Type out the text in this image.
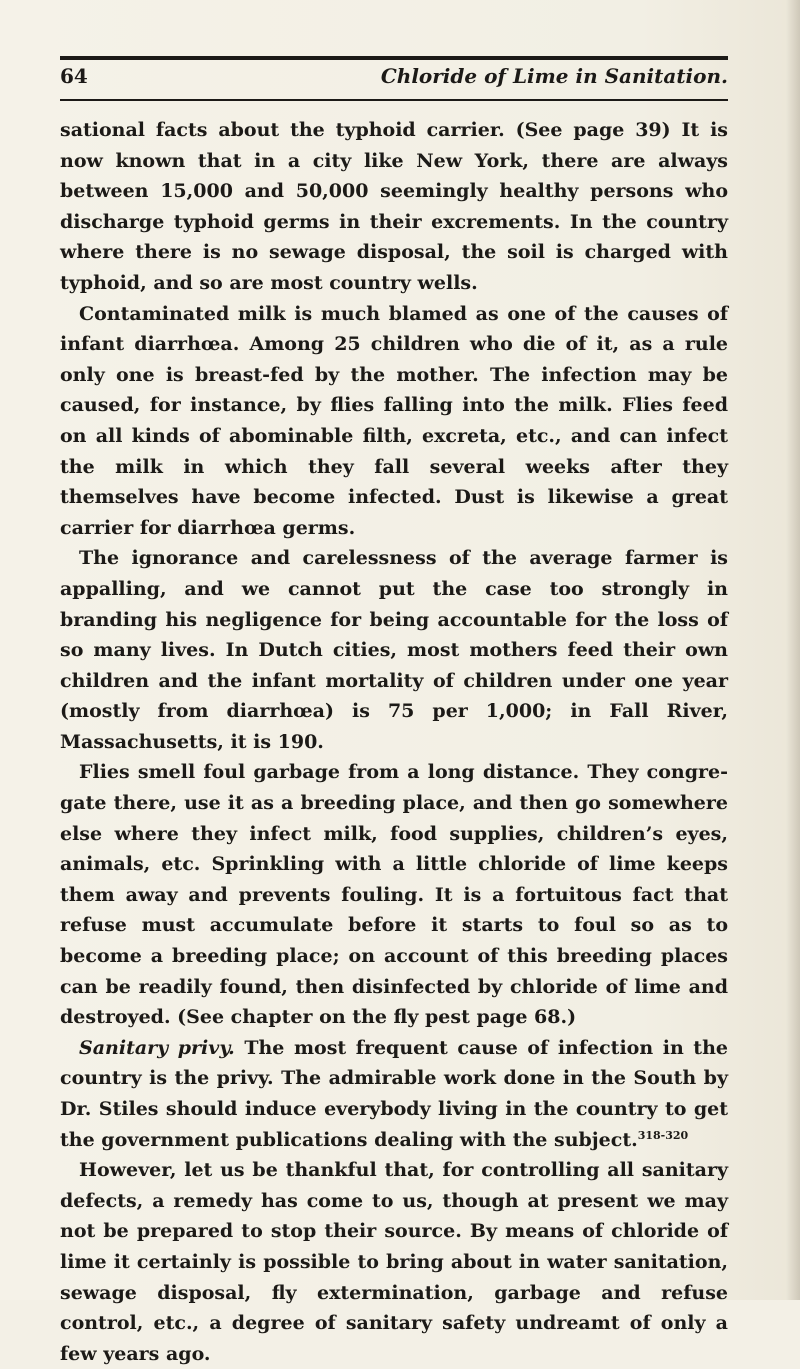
64	Chloride of Lime in Sanitation.

sational facts about the typhoid carrier. (See page 39) It is now known that in a city like New York, there are always between 15,000 and 50,000 seemingly healthy persons who discharge typhoid germs in their excrements. In the country where there is no sewage disposal, the soil is charged with typhoid, and so are most country wells.

Contaminated milk is much blamed as one of the causes of infant diarrhœa. Among 25 children who die of it, as a rule only one is breast-fed by the mother. The infection may be caused, for instance, by flies falling into the milk. Flies feed on all kinds of abominable filth, excreta, etc., and can infect the milk in which they fall several weeks after they themselves have become infected. Dust is likewise a great carrier for diarrhœa germs.

The ignorance and carelessness of the average farmer is appalling, and we cannot put the case too strongly in branding his negligence for being accountable for the loss of so many lives. In Dutch cities, most mothers feed their own children and the infant mortality of children under one year (mostly from diarrhœa) is 75 per 1,000; in Fall River, Massachusetts, it is 190.

Flies smell foul garbage from a long distance. They congregate there, use it as a breeding place, and then go somewhere else where they infect milk, food supplies, children’s eyes, animals, etc. Sprinkling with a little chloride of lime keeps them away and prevents fouling. It is a fortuitous fact that refuse must accumulate before it starts to foul so as to become a breeding place; on account of this breeding places can be readily found, then disinfected by chloride of lime and destroyed. (See chapter on the fly pest page 68.)

Sanitary privy. The most frequent cause of infection in the country is the privy. The admirable work done in the South by Dr. Stiles should induce everybody living in the country to get the government publications dealing with the subject.$^{318-320}$

However, let us be thankful that, for controlling all sanitary defects, a remedy has come to us, though at present we may not be prepared to stop their source. By means of chloride of lime it certainly is possible to bring about in water sanitation, sewage disposal, fly extermination, garbage and refuse control, etc., a degree of sanitary safety undreamt of only a few years ago.
